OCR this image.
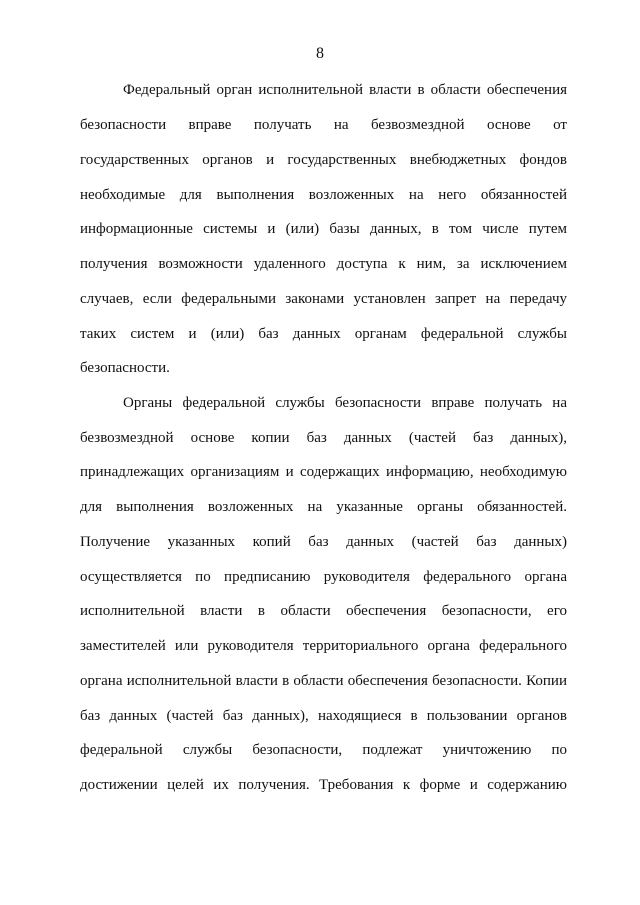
8
Федеральный орган исполнительной власти в области обеспечения
безопасности вправе получать на безвозмездной основе от
государственных органов и государственных внебюджетных фондов
необходимые для выполнения возложенных на него обязанностей
информационные системы и (или) базы данных, в том числе путем
получения возможности удаленного доступа к ним, за исключением
случаев, если федеральными законами установлен запрет на передачу
таких систем и (или) баз данных органам федеральной службы
безопасности.
Органы федеральной службы безопасности вправе получать на
безвозмездной основе копии баз данных (частей баз данных),
принадлежащих организациям и содержащих информацию, необходимую
для выполнения возложенных на указанные органы обязанностей.
Получение указанных копий баз данных (частей баз данных)
осуществляется по предписанию руководителя федерального органа
исполнительной власти в области обеспечения безопасности, его
заместителей или руководителя территориального органа федерального
органа исполнительной власти в области обеспечения безопасности. Копии
баз данных (частей баз данных), находящиеся в пользовании органов
федеральной службы безопасности, подлежат уничтожению по
достижении целей их получения. Требования к форме и содержанию
